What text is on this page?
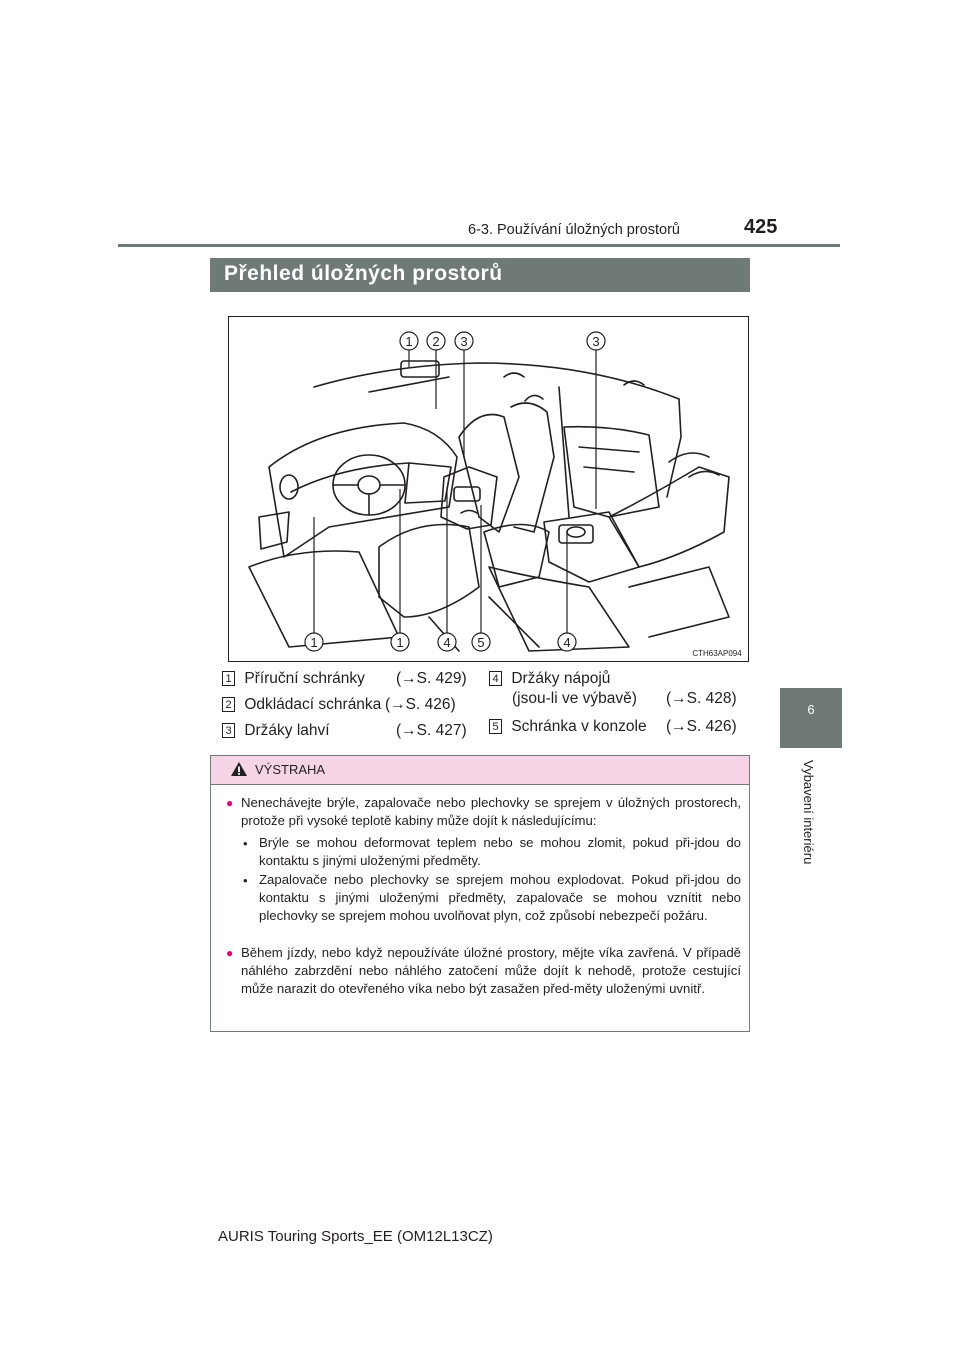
6-3. Používání úložných prostorů	425
6
Vybavení interiéru
Přehled úložných prostorů
1 2 3	3
1	1	4 5	4
CTH63AP094
1 Příruční schránky (→S. 429)
2 Odkládací schránka (→S. 426)
3 Držáky lahví	(→S. 427)
4 Držáky nápojů
(jsou-li ve výbavě) (→S. 428)
5 Schránka v konzole (→S. 426)
VÝSTRAHA
● Nenechávejte brýle, zapalovače nebo plechovky se sprejem v úložných prostorech, protože při vysoké teplotě kabiny může dojít k následujícímu:
• Brýle se mohou deformovat teplem nebo se mohou zlomit, pokud při-jdou do kontaktu s jinými uloženými předměty.
• Zapalovače nebo plechovky se sprejem mohou explodovat. Pokud při-jdou do kontaktu s jinými uloženými předměty, zapalovače se mohou vznítit nebo plechovky se sprejem mohou uvolňovat plyn, což způsobí nebezpečí požáru.
● Během jízdy, nebo když nepoužíváte úložné prostory, mějte víka zavřená. V případě náhlého zabrzdění nebo náhlého zatočení může dojít k nehodě, protože cestující může narazit do otevřeného víka nebo být zasažen před-měty uloženými uvnitř.
AURIS Touring Sports_EE (OM12L13CZ)
